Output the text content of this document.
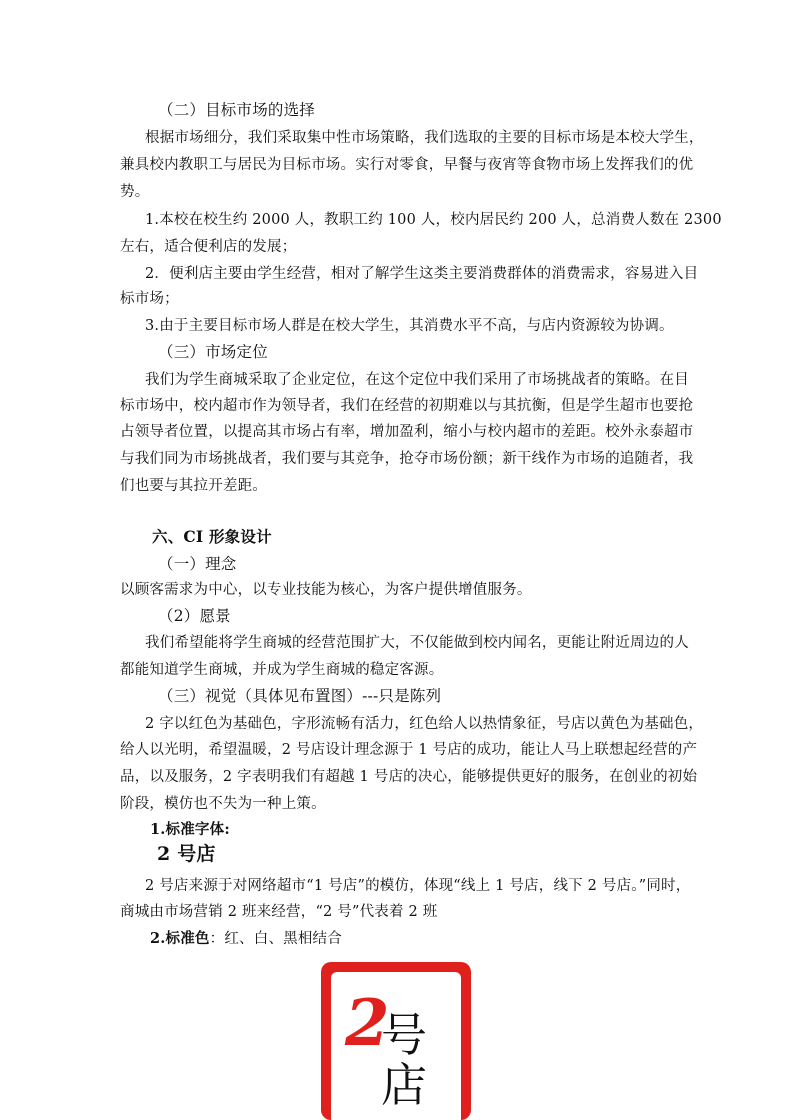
（二）目标市场的选择
根据市场细分，我们采取集中性市场策略，我们选取的主要的目标市场是本校大学生，
兼具校内教职工与居民为目标市场。实行对零食，早餐与夜宵等食物市场上发挥我们的优
势。
1.本校在校生约 2000 人，教职工约 100 人，校内居民约 200 人，总消费人数在 2300
左右，适合便利店的发展；
2．便利店主要由学生经营，相对了解学生这类主要消费群体的消费需求，容易进入目
标市场；
3.由于主要目标市场人群是在校大学生，其消费水平不高，与店内资源较为协调。
（三）市场定位
我们为学生商城采取了企业定位，在这个定位中我们采用了市场挑战者的策略。在目
标市场中，校内超市作为领导者，我们在经营的初期难以与其抗衡，但是学生超市也要抢
占领导者位置，以提高其市场占有率，增加盈利，缩小与校内超市的差距。校外永泰超市
与我们同为市场挑战者，我们要与其竞争，抢夺市场份额；新干线作为市场的追随者，我
们也要与其拉开差距。
六、CI 形象设计
（一）理念
以顾客需求为中心，以专业技能为核心，为客户提供增值服务。
（2）愿景
我们希望能将学生商城的经营范围扩大，不仅能做到校内闻名，更能让附近周边的人
都能知道学生商城，并成为学生商城的稳定客源。
（三）视觉（具体见布置图）---只是陈列
2 字以红色为基础色，字形流畅有活力，红色给人以热情象征，号店以黄色为基础色，
给人以光明，希望温暖，2 号店设计理念源于 1 号店的成功，能让人马上联想起经营的产
品，以及服务，2 字表明我们有超越 1 号店的决心，能够提供更好的服务，在创业的初始
阶段，模仿也不失为一种上策。
1.标准字体:
2 号店
2 号店来源于对网络超市“1 号店”的模仿，体现“线上 1 号店，线下 2 号店。”同时，
商城由市场营销 2 班来经营，“2 号”代表着 2 班
2.标准色：红、白、黑相结合
2
号店
